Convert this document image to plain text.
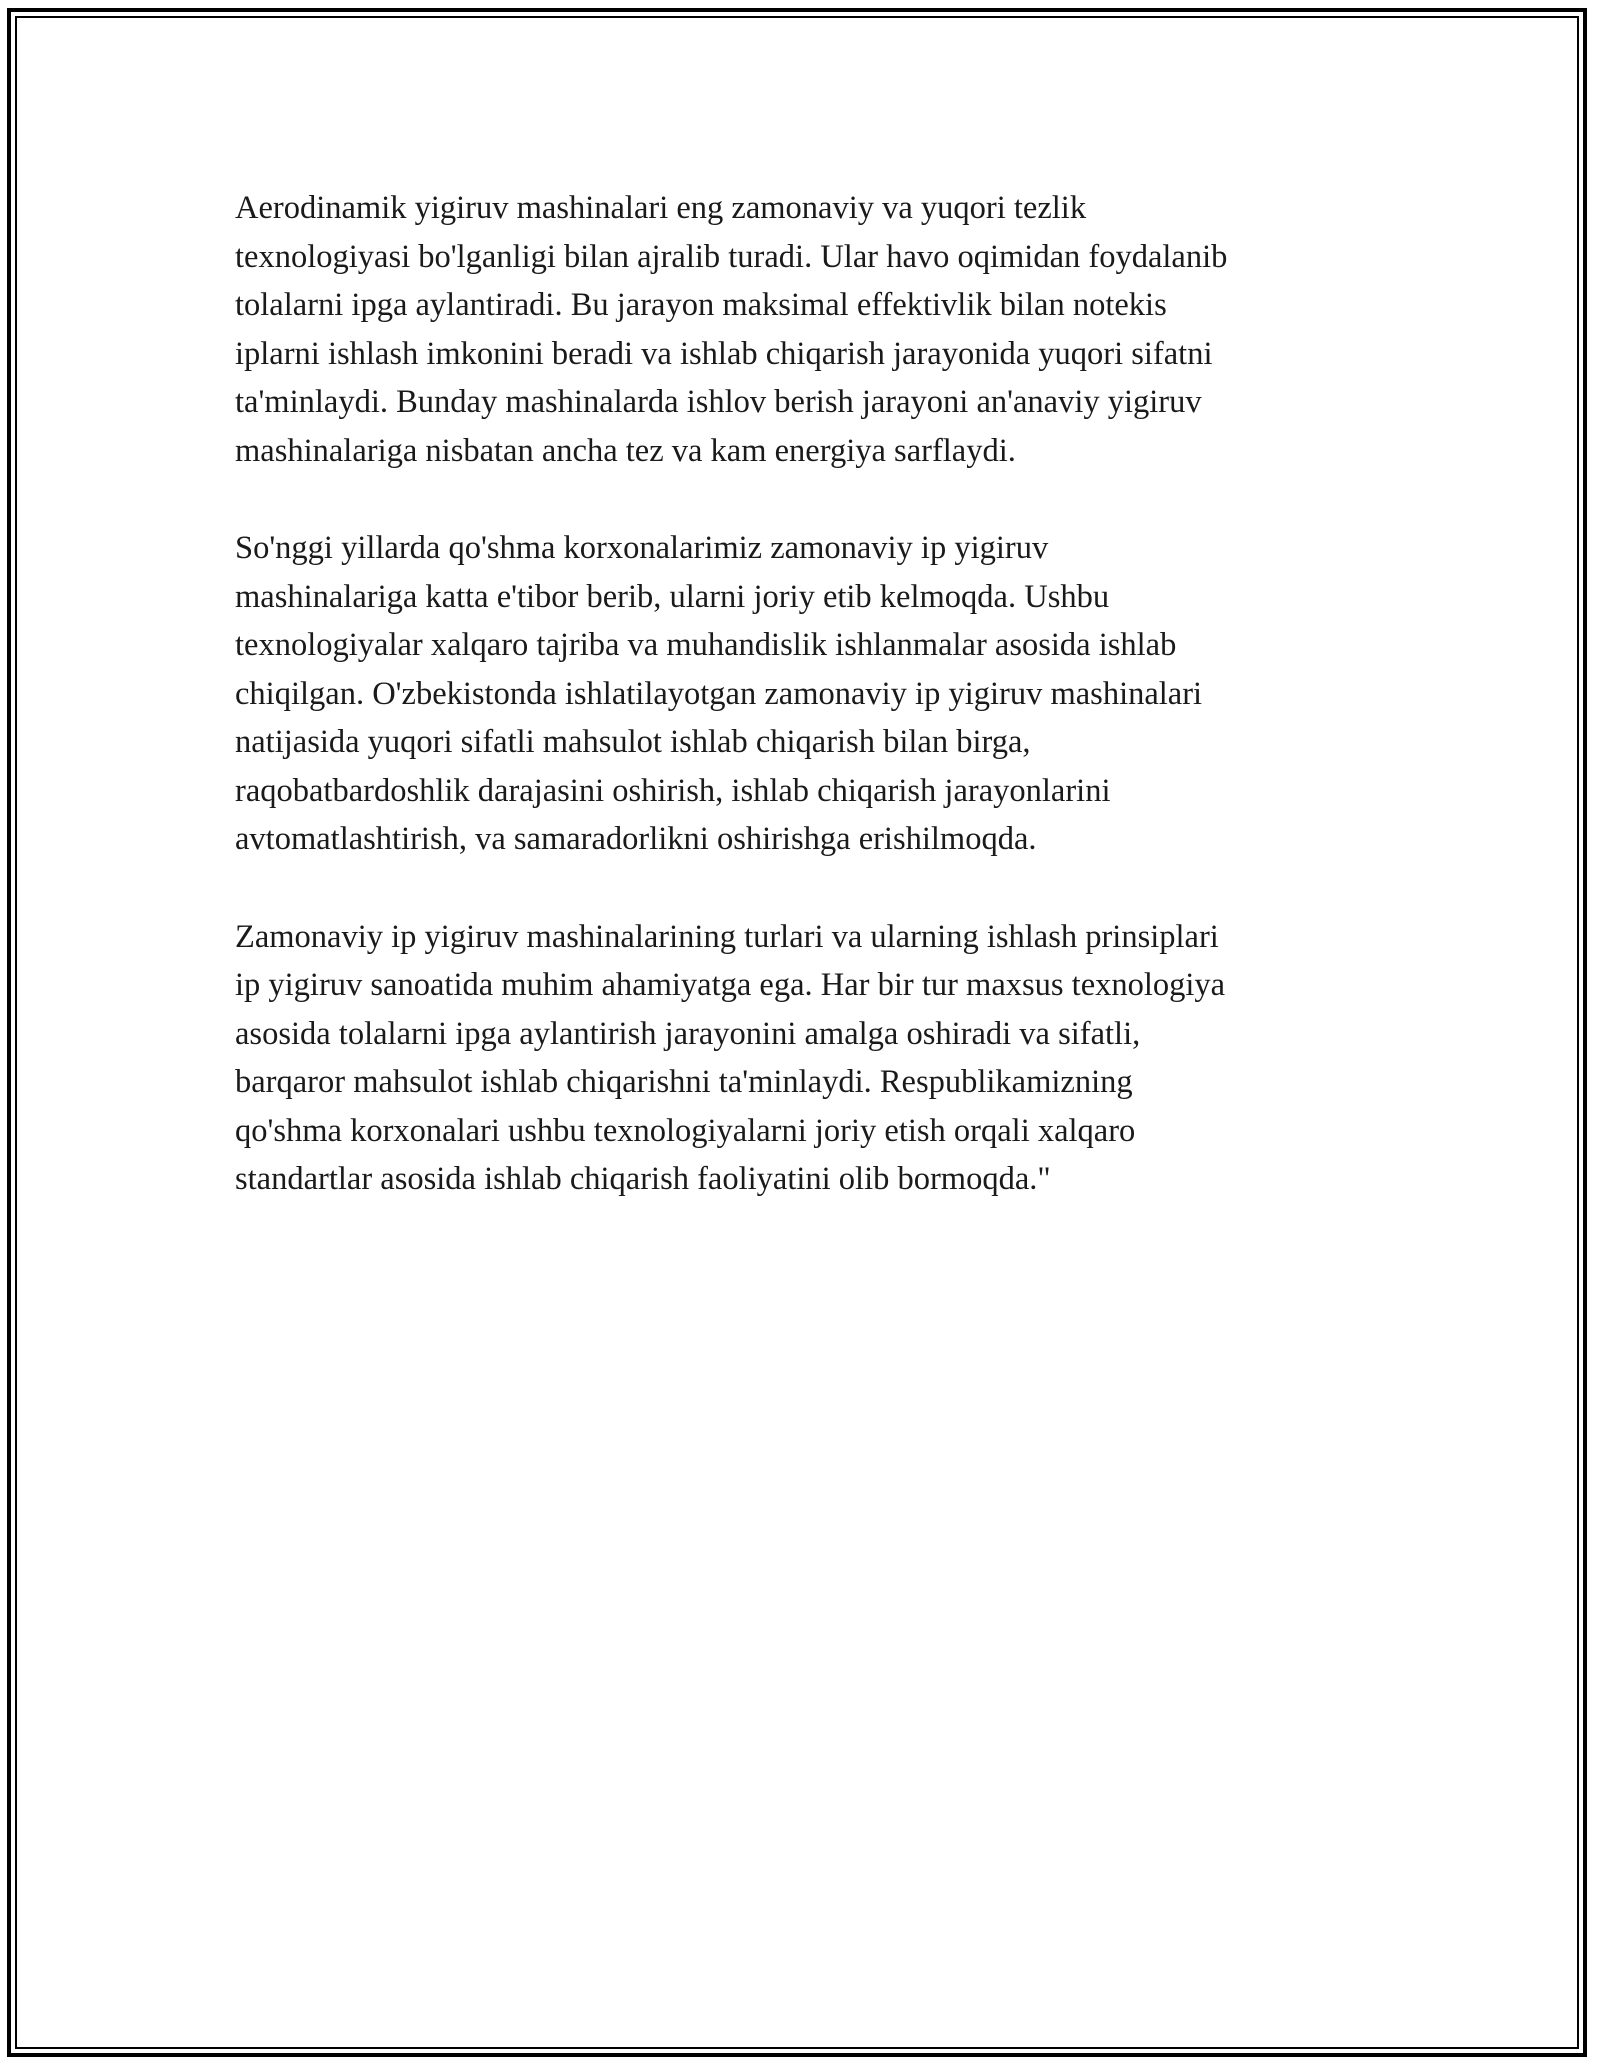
Aerodinamik yigiruv mashinalari eng zamonaviy va yuqori tezlik
texnologiyasi bo'lganligi bilan ajralib turadi. Ular havo oqimidan foydalanib
tolalarni ipga aylantiradi. Bu jarayon maksimal effektivlik bilan notekis
iplarni ishlash imkonini beradi va ishlab chiqarish jarayonida yuqori sifatni
ta'minlaydi. Bunday mashinalarda ishlov berish jarayoni an'anaviy yigiruv
mashinalariga nisbatan ancha tez va kam energiya sarflaydi.

So'nggi yillarda qo'shma korxonalarimiz zamonaviy ip yigiruv
mashinalariga katta e'tibor berib, ularni joriy etib kelmoqda. Ushbu
texnologiyalar xalqaro tajriba va muhandislik ishlanmalar asosida ishlab
chiqilgan. O'zbekistonda ishlatilayotgan zamonaviy ip yigiruv mashinalari
natijasida yuqori sifatli mahsulot ishlab chiqarish bilan birga,
raqobatbardoshlik darajasini oshirish, ishlab chiqarish jarayonlarini
avtomatlashtirish, va samaradorlikni oshirishga erishilmoqda.

Zamonaviy ip yigiruv mashinalarining turlari va ularning ishlash prinsiplari
ip yigiruv sanoatida muhim ahamiyatga ega. Har bir tur maxsus texnologiya
asosida tolalarni ipga aylantirish jarayonini amalga oshiradi va sifatli,
barqaror mahsulot ishlab chiqarishni ta'minlaydi. Respublikamizning
qo'shma korxonalari ushbu texnologiyalarni joriy etish orqali xalqaro
standartlar asosida ishlab chiqarish faoliyatini olib bormoqda."
